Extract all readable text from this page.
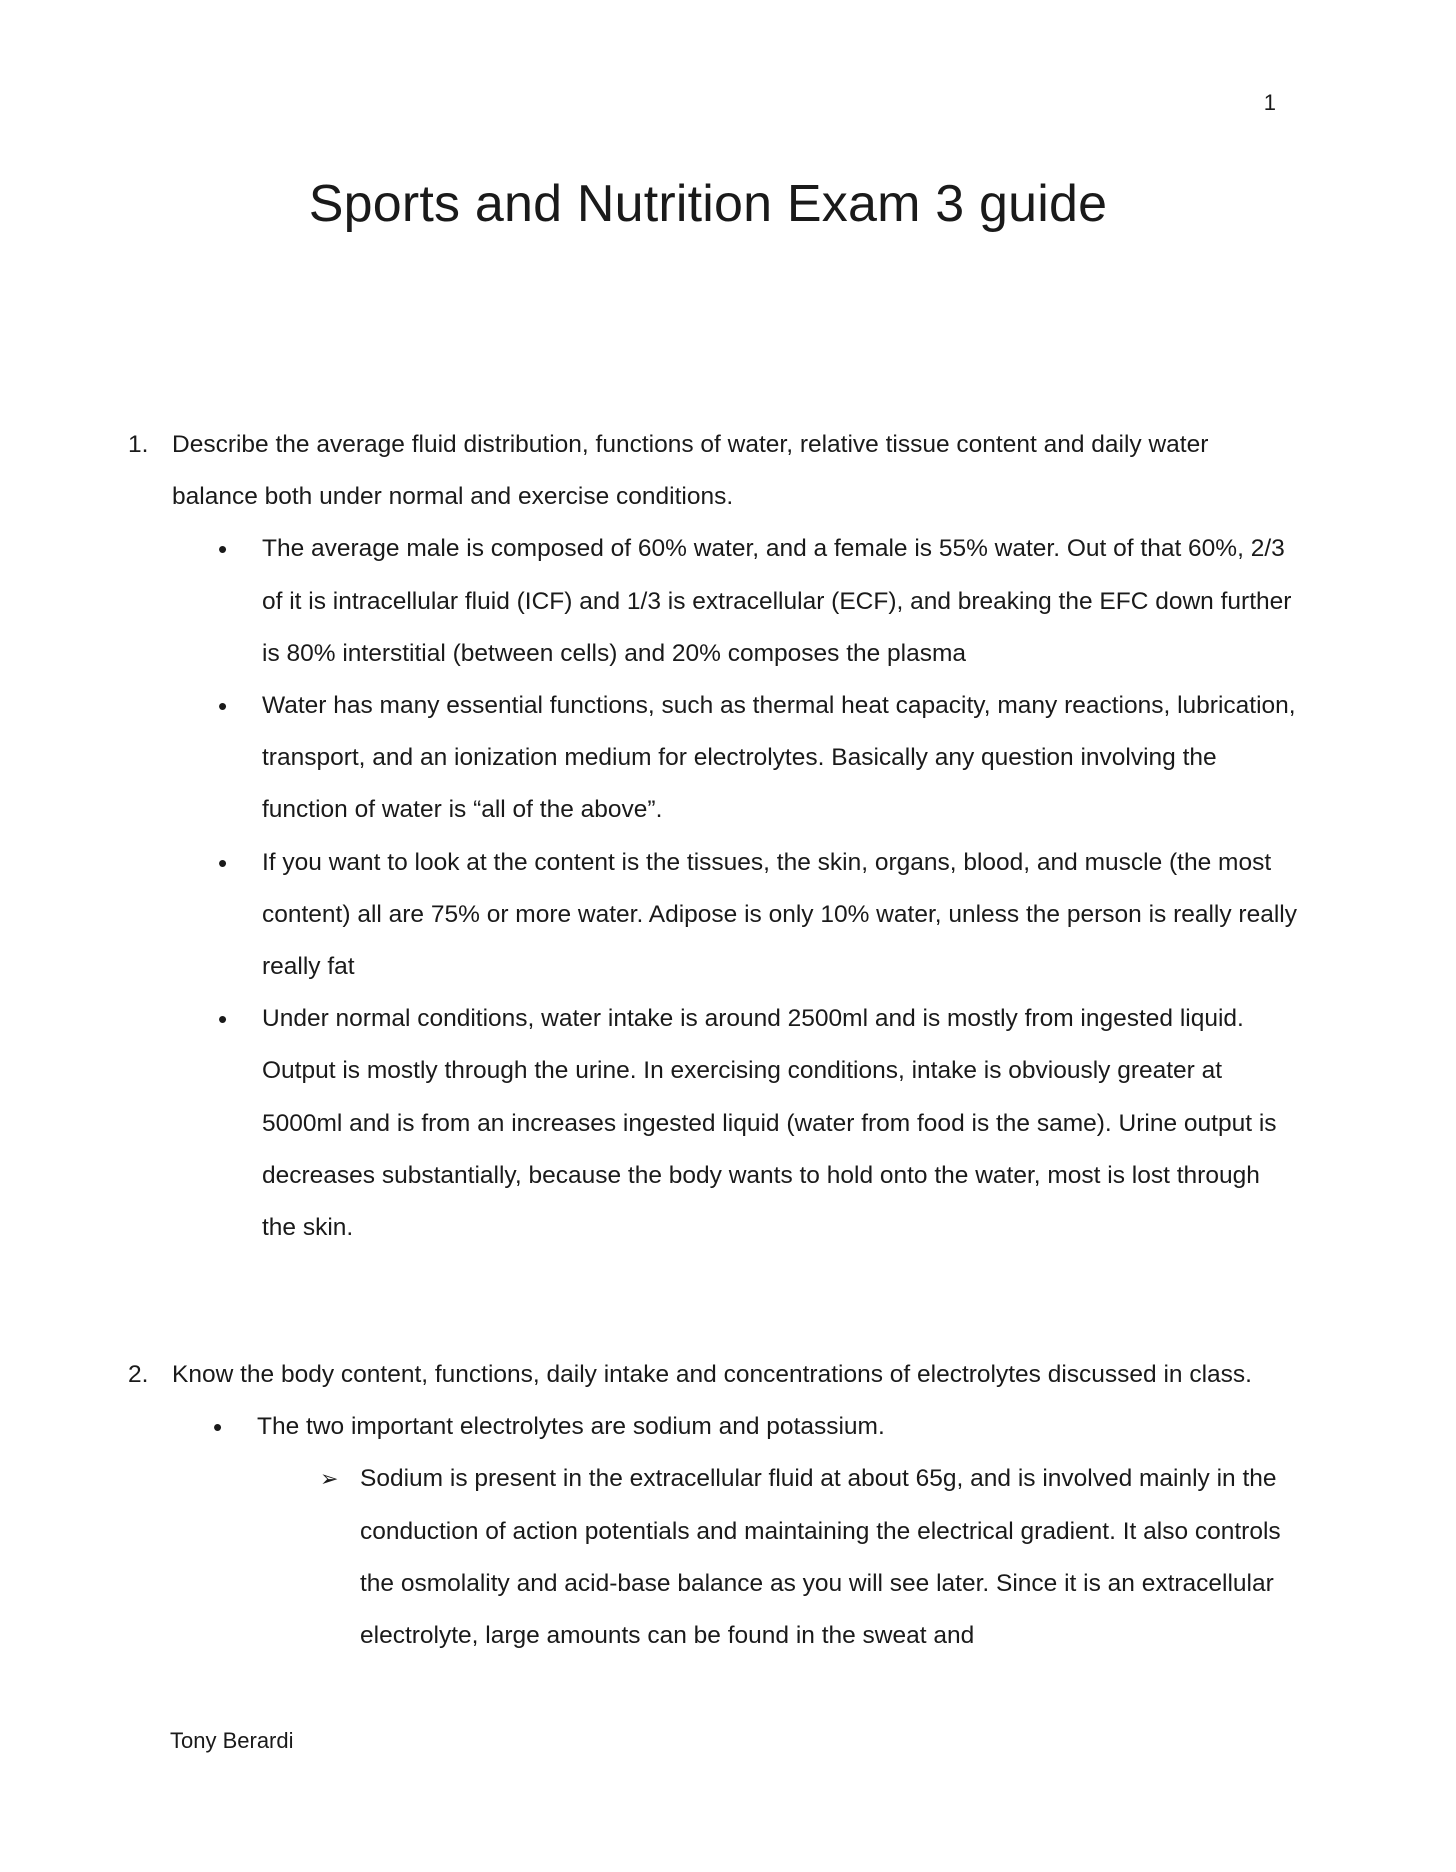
1
Sports and Nutrition Exam 3 guide
1. Describe the average fluid distribution, functions of water, relative tissue content and daily water balance both under normal and exercise conditions.
•	The average male is composed of 60% water, and a female is 55% water. Out of that 60%, 2/3 of it is intracellular fluid (ICF) and 1/3 is extracellular (ECF), and breaking the EFC down further is 80% interstitial (between cells) and 20% composes the plasma
•	Water has many essential functions, such as thermal heat capacity, many reactions, lubrication, transport, and an ionization medium for electrolytes. Basically any question involving the function of water is “all of the above”.
•	If you want to look at the content is the tissues, the skin, organs, blood, and muscle (the most content) all are 75% or more water. Adipose is only 10% water, unless the person is really really really fat
•	Under normal conditions, water intake is around 2500ml and is mostly from ingested liquid. Output is mostly through the urine. In exercising conditions, intake is obviously greater at 5000ml and is from an increases ingested liquid (water from food is the same). Urine output is decreases substantially, because the body wants to hold onto the water, most is lost through the skin.
2. Know the body content, functions, daily intake and concentrations of electrolytes discussed in class.
•	The two important electrolytes are sodium and potassium.
➢ Sodium is present in the extracellular fluid at about 65g, and is involved mainly in the conduction of action potentials and maintaining the electrical gradient. It also controls the osmolality and acid-base balance as you will see later. Since it is an extracellular electrolyte, large amounts can be found in the sweat and
Tony Berardi
